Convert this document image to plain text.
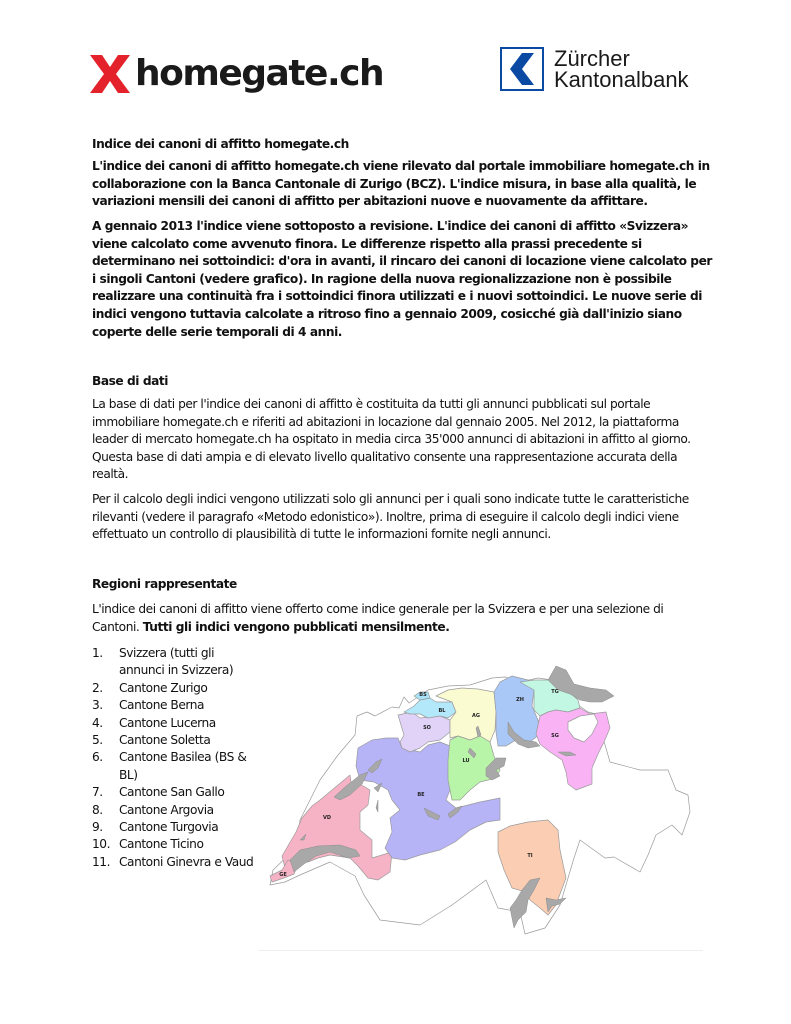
homegate.ch	Zürcher
Kantonalbank

Indice dei canoni di affitto homegate.ch

L'indice dei canoni di affitto homegate.ch viene rilevato dal portale immobiliare homegate.ch in collaborazione con la Banca Cantonale di Zurigo (BCZ). L'indice misura, in base alla qualità, le variazioni mensili dei canoni di affitto per abitazioni nuove e nuovamente da affittare.

A gennaio 2013 l'indice viene sottoposto a revisione. L'indice dei canoni di affitto «Svizzera» viene calcolato come avvenuto finora. Le differenze rispetto alla prassi precedente si determinano nei sottoindici: d'ora in avanti, il rincaro dei canoni di locazione viene calcolato per i singoli Cantoni (vedere grafico). In ragione della nuova regionalizzazione non è possibile realizzare una continuità fra i sottoindici finora utilizzati e i nuovi sottoindici. Le nuove serie di indici vengono tuttavia calcolate a ritroso fino a gennaio 2009, cosicché già dall'inizio siano coperte delle serie temporali di 4 anni.

Base di dati

La base di dati per l'indice dei canoni di affitto è costituita da tutti gli annunci pubblicati sul portale immobiliare homegate.ch e riferiti ad abitazioni in locazione dal gennaio 2005. Nel 2012, la piattaforma leader di mercato homegate.ch ha ospitato in media circa 35'000 annunci di abitazioni in affitto al giorno. Questa base di dati ampia e di elevato livello qualitativo consente una rappresentazione accurata della realtà.

Per il calcolo degli indici vengono utilizzati solo gli annunci per i quali sono indicate tutte le caratteristiche rilevanti (vedere il paragrafo «Metodo edonistico»). Inoltre, prima di eseguire il calcolo degli indici viene effettuato un controllo di plausibilità di tutte le informazioni fornite negli annunci.

Regioni rappresentate

L'indice dei canoni di affitto viene offerto come indice generale per la Svizzera e per una selezione di Cantoni. Tutti gli indici vengono pubblicati mensilmente.

1.	Svizzera (tutti gli annunci in Svizzera)
2.	Cantone Zurigo
3.	Cantone Berna
4.	Cantone Lucerna
5.	Cantone Soletta
6.	Cantone Basilea (BS & BL)
7.	Cantone San Gallo
8.	Cantone Argovia
9.	Cantone Turgovia
10. Cantone Ticino
11. Cantoni Ginevra e Vaud
BS
BL
AG
ZH
TG
SG
SO
LU
BE
VD
GE
TI
